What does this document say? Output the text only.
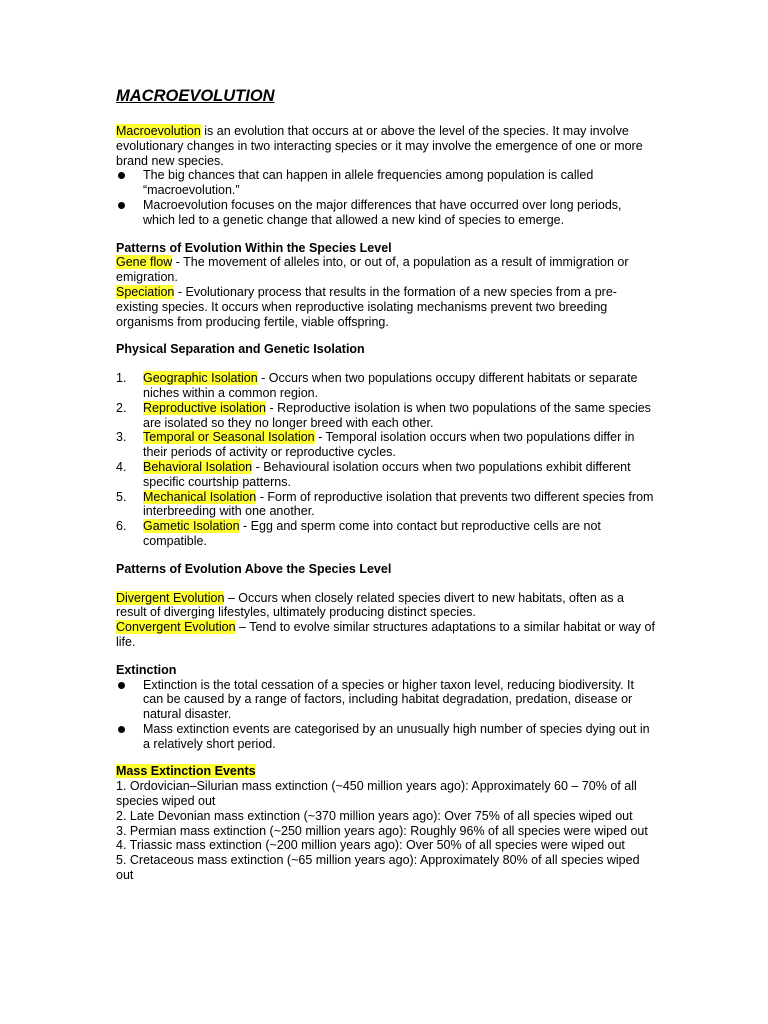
MACROEVOLUTION

Macroevolution is an evolution that occurs at or above the level of the species. It may involve evolutionary changes in two interacting species or it may involve the emergence of one or more brand new species.

The big chances that can happen in allele frequencies among population is called “macroevolution.”
Macroevolution focuses on the major differences that have occurred over long periods, which led to a genetic change that allowed a new kind of species to emerge.

Patterns of Evolution Within the Species Level

Gene flow - The movement of alleles into, or out of, a population as a result of immigration or emigration.

Speciation - Evolutionary process that results in the formation of a new species from a pre-existing species. It occurs when reproductive isolating mechanisms prevent two breeding organisms from producing fertile, viable offspring.

Physical Separation and Genetic Isolation

1. Geographic Isolation - Occurs when two populations occupy different habitats or separate niches within a common region.
2. Reproductive isolation - Reproductive isolation is when two populations of the same species are isolated so they no longer breed with each other.
3. Temporal or Seasonal Isolation - Temporal isolation occurs when two populations differ in their periods of activity or reproductive cycles.
4. Behavioral Isolation - Behavioural isolation occurs when two populations exhibit different specific courtship patterns.
5. Mechanical Isolation - Form of reproductive isolation that prevents two different species from interbreeding with one another.
6. Gametic Isolation - Egg and sperm come into contact but reproductive cells are not compatible.

Patterns of Evolution Above the Species Level

Divergent Evolution – Occurs when closely related species divert to new habitats, often as a result of diverging lifestyles, ultimately producing distinct species.

Convergent Evolution – Tend to evolve similar structures adaptations to a similar habitat or way of life.

Extinction

Extinction is the total cessation of a species or higher taxon level, reducing biodiversity. It can be caused by a range of factors, including habitat degradation, predation, disease or natural disaster.
Mass extinction events are categorised by an unusually high number of species dying out in a relatively short period.

Mass Extinction Events

1. Ordovician–Silurian mass extinction (~450 million years ago): Approximately 60 – 70% of all species wiped out

2. Late Devonian mass extinction (~370 million years ago): Over 75% of all species wiped out

3. Permian mass extinction (~250 million years ago): Roughly 96% of all species were wiped out

4. Triassic mass extinction (~200 million years ago): Over 50% of all species were wiped out

5. Cretaceous mass extinction (~65 million years ago): Approximately 80% of all species wiped out
